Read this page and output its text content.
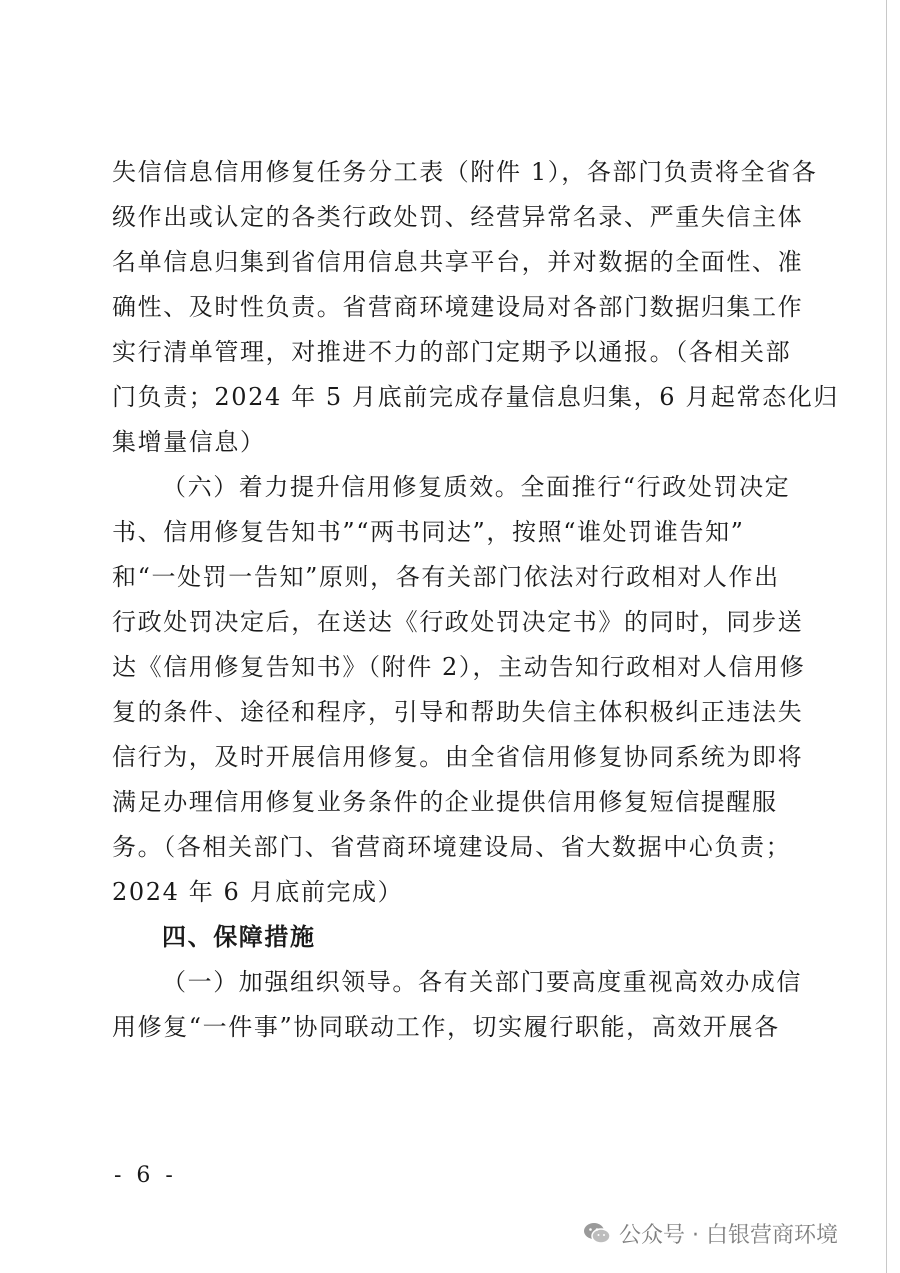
失信信息信用修复任务分工表（附件 1），各部门负责将全省各
级作出或认定的各类行政处罚、经营异常名录、严重失信主体
名单信息归集到省信用信息共享平台，并对数据的全面性、准
确性、及时性负责。省营商环境建设局对各部门数据归集工作
实行清单管理，对推进不力的部门定期予以通报。（各相关部
门负责；2024 年 5 月底前完成存量信息归集，6 月起常态化归
集增量信息）
（六）着力提升信用修复质效。全面推行“行政处罚决定
书、信用修复告知书”“两书同达”，按照“谁处罚谁告知”
和“一处罚一告知”原则，各有关部门依法对行政相对人作出
行政处罚决定后，在送达《行政处罚决定书》的同时，同步送
达《信用修复告知书》（附件 2），主动告知行政相对人信用修
复的条件、途径和程序，引导和帮助失信主体积极纠正违法失
信行为，及时开展信用修复。由全省信用修复协同系统为即将
满足办理信用修复业务条件的企业提供信用修复短信提醒服
务。（各相关部门、省营商环境建设局、省大数据中心负责；
2024 年 6 月底前完成）
四、保障措施
（一）加强组织领导。各有关部门要高度重视高效办成信
用修复“一件事”协同联动工作，切实履行职能，高效开展各
- 6 -
公众号 · 白银营商环境
